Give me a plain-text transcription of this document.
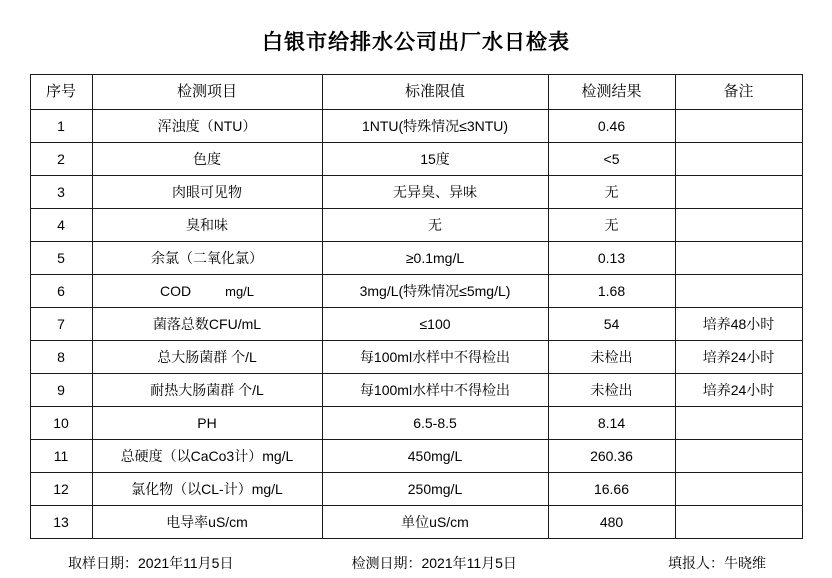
白银市给排水公司出厂水日检表
序号	检测项目	标准限值	检测结果	备注
1	浑浊度（NTU）	1NTU(特殊情况≤3NTU)	0.46	
2	色度	15度	<5	
3	肉眼可见物	无异臭、异味	无	
4	臭和味	无	无	
5	余氯（二氧化氯）	≥0.1mg/L	0.13	
6	COD mg/L	3mg/L(特殊情况≤5mg/L)	1.68	
7	菌落总数CFU/mL	≤100	54	培养48小时
8	总大肠菌群 个/L	每100ml水样中不得检出	未检出	培养24小时
9	耐热大肠菌群 个/L	每100ml水样中不得检出	未检出	培养24小时
10	PH	6.5-8.5	8.14	
11	总硬度（以CaCo3计）mg/L	450mg/L	260.36	
12	氯化物（以CL-计）mg/L	250mg/L	16.66	
13	电导率uS/cm	单位uS/cm	480	
取样日期：2021年11月5日	检测日期：2021年11月5日	填报人：牛晓维
